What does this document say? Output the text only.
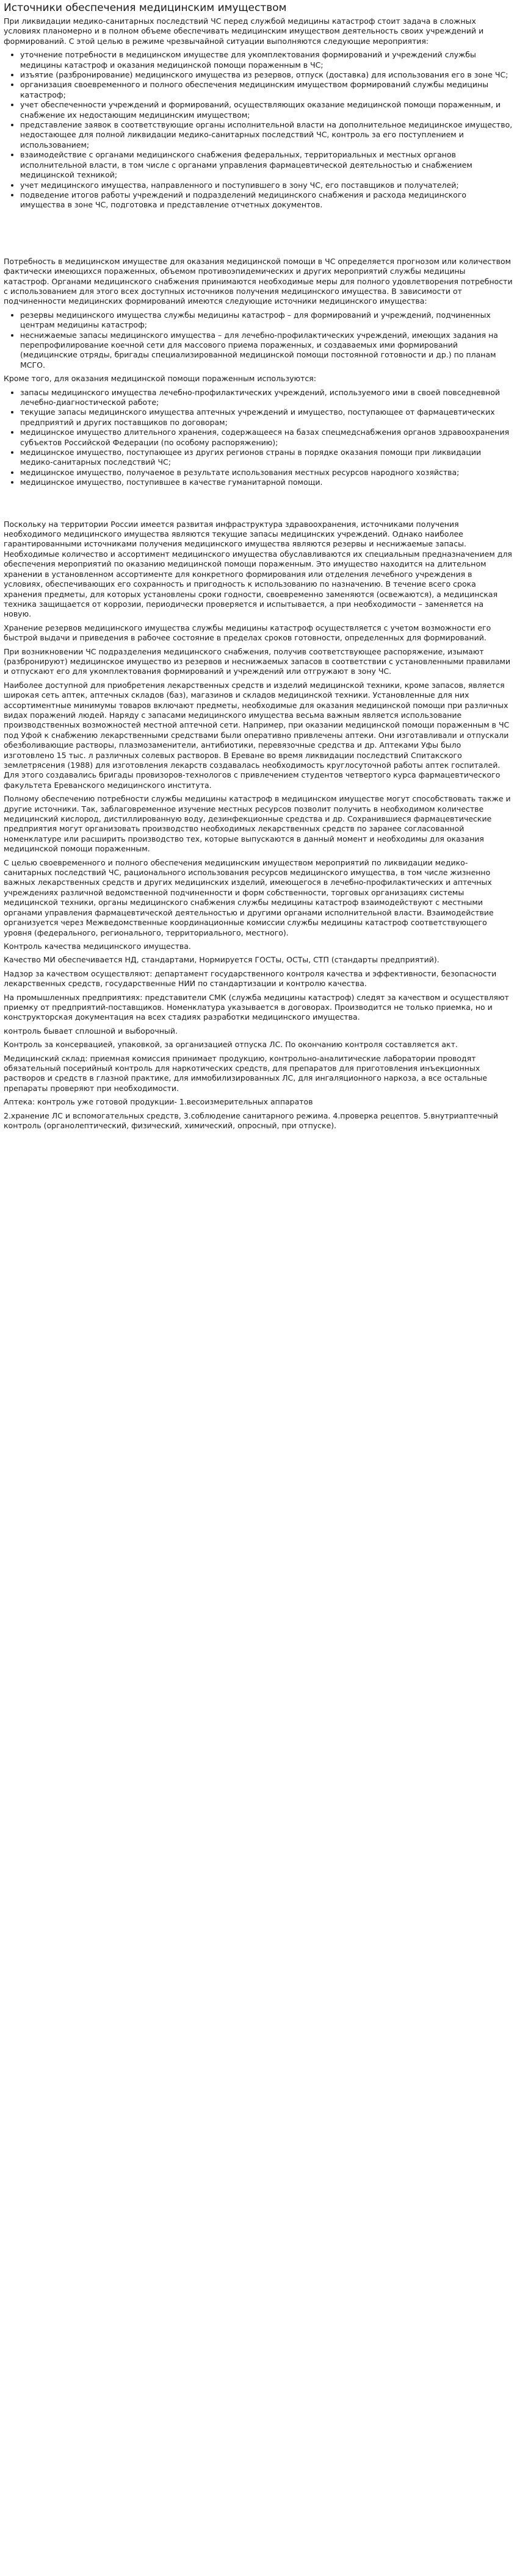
Источники обеспечения медицинским имуществом

При ликвидации медико-санитарных последствий ЧС перед службой медицины катастроф стоит задача в сложных условиях планомерно и в полном объеме обеспечивать медицинским имуществом деятельность своих учреждений и формирований. С этой целью в режиме чрезвычайной ситуации выполняются следующие мероприятия:

• уточнение потребности в медицинском имуществе для укомплектования формирований и учреждений службы медицины катастроф и оказания медицинской помощи пораженным в ЧС;
• изъятие (разбронирование) медицинского имущества из резервов, отпуск (доставка) для использования его в зоне ЧС;
• организация своевременного и полного обеспечения медицинским имуществом формирований службы медицины катастроф;
• учет обеспеченности учреждений и формирований, осуществляющих оказание медицинской помощи пораженным, и снабжение их недостающим медицинским имуществом;
• представление заявок в соответствующие органы исполнительной власти на дополнительное медицинское имущество, недостающее для полной ликвидации медико-санитарных последствий ЧС, контроль за его поступлением и использованием;
• взаимодействие с органами медицинского снабжения федеральных, территориальных и местных органов исполнительной власти, в том числе с органами управления фармацевтической деятельностью и снабжением медицинской техникой;
• учет медицинского имущества, направленного и поступившего в зону ЧС, его поставщиков и получателей;
• подведение итогов работы учреждений и подразделений медицинского снабжения и расхода медицинского имущества в зоне ЧС, подготовка и представление отчетных документов.

Потребность в медицинском имуществе для оказания медицинской помощи в ЧС определяется прогнозом или количеством фактически имеющихся пораженных, объемом противоэпидемических и других мероприятий службы медицины катастроф. Органами медицинского снабжения принимаются необходимые меры для полного удовлетворения потребности с использованием для этого всех доступных источников получения медицинского имущества. В зависимости от подчиненности медицинских формирований имеются следующие источники медицинского имущества:

• резервы медицинского имущества службы медицины катастроф – для формирований и учреждений, подчиненных центрам медицины катастроф;
• неснижаемые запасы медицинского имущества – для лечебно-профилактических учреждений, имеющих задания на перепрофилирование коечной сети для массового приема пораженных, и создаваемых ими формирований (медицинские отряды, бригады специализированной медицинской помощи постоянной готовности и др.) по планам МСГО.

Кроме того, для оказания медицинской помощи пораженным используются:

• запасы медицинского имущества лечебно-профилактических учреждений, используемого ими в своей повседневной лечебно-диагностической работе;
• текущие запасы медицинского имущества аптечных учреждений и имущество, поступающее от фармацевтических предприятий и других поставщиков по договорам;
• медицинское имущество длительного хранения, содержащееся на базах спецмедснабжения органов здравоохранения субъектов Российской Федерации (по особому распоряжению);
• медицинское имущество, поступающее из других регионов страны в порядке оказания помощи при ликвидации медико-санитарных последствий ЧС;
• медицинское имущество, получаемое в результате использования местных ресурсов народного хозяйства;
• медицинское имущество, поступившее в качестве гуманитарной помощи.

Поскольку на территории России имеется развитая инфраструктура здравоохранения, источниками получения необходимого медицинского имущества являются текущие запасы медицинских учреждений. Однако наиболее гарантированными источниками получения медицинского имущества являются резервы и неснижаемые запасы. Необходимые количество и ассортимент медицинского имущества обуславливаются их специальным предназначением для обеспечения мероприятий по оказанию медицинской помощи пораженным. Это имущество находится на длительном хранении в установленном ассортименте для конкретного формирования или отделения лечебного учреждения в условиях, обеспечивающих его сохранность и пригодность к использованию по назначению. В течение всего срока хранения предметы, для которых установлены сроки годности, своевременно заменяются (освежаются), а медицинская техника защищается от коррозии, периодически проверяется и испытывается, а при необходимости – заменяется на новую.

Хранение резервов медицинского имущества службы медицины катастроф осуществляется с учетом возможности его быстрой выдачи и приведения в рабочее состояние в пределах сроков готовности, определенных для формирований.

При возникновении ЧС подразделения медицинского снабжения, получив соответствующее распоряжение, изымают (разбронируют) медицинское имущество из резервов и неснижаемых запасов в соответствии с установленными правилами и отпускают его для укомплектования формирований и учреждений или отгружают в зону ЧС.

Наиболее доступной для приобретения лекарственных средств и изделий медицинской техники, кроме запасов, является широкая сеть аптек, аптечных складов (баз), магазинов и складов медицинской техники. Установленные для них ассортиментные минимумы товаров включают предметы, необходимые для оказания медицинской помощи при различных видах поражений людей. Наряду с запасами медицинского имущества весьма важным является использование производственных возможностей местной аптечной сети. Например, при оказании медицинской помощи пораженным в ЧС под Уфой к снабжению лекарственными средствами были оперативно привлечены аптеки. Они изготавливали и отпускали обезболивающие растворы, плазмозаменители, антибиотики, перевязочные средства и др. Аптеками Уфы было изготовлено 15 тыс. л различных солевых растворов. В Ереване во время ликвидации последствий Спитакского землетрясения (1988) для изготовления лекарств создавалась необходимость круглосуточной работы аптек госпиталей. Для этого создавались бригады провизоров-технологов с привлечением студентов четвертого курса фармацевтического факультета Ереванского медицинского института.

Полному обеспечению потребности службы медицины катастроф в медицинском имуществе могут способствовать также и другие источники. Так, заблаговременное изучение местных ресурсов позволит получить в необходимом количестве медицинский кислород, дистиллированную воду, дезинфекционные средства и др. Сохранившиеся фармацевтические предприятия могут организовать производство необходимых лекарственных средств по заранее согласованной номенклатуре или расширить производство тех, которые выпускаются в данный момент и необходимы для оказания медицинской помощи пораженным.

С целью своевременного и полного обеспечения медицинским имуществом мероприятий по ликвидации медико-санитарных последствий ЧС, рационального использования ресурсов медицинского имущества, в том числе жизненно важных лекарственных средств и других медицинских изделий, имеющегося в лечебно-профилактических и аптечных учреждениях различной ведомственной подчиненности и форм собственности, торговых организациях системы медицинской техники, органы медицинского снабжения службы медицины катастроф взаимодействуют с местными органами управления фармацевтической деятельностью и другими органами исполнительной власти. Взаимодействие организуется через Межведомственные координационные комиссии службы медицины катастроф соответствующего уровня (федерального, регионального, территориального, местного).

Контроль качества медицинского имущества.

Качество МИ обеспечивается НД, стандартами, Нормируется ГОСТы, ОСТы, СТП (стандарты предприятий).

Надзор за качеством осуществляют: департамент государственного контроля качества и эффективности, безопасности лекарственных средств, государственные НИИ по стандартизации и контролю качества.

На промышленных предприятиях: представители СМК (служба медицины катастроф) следят за качеством и осуществляют приемку от предприятий-поставщиков. Номенклатура указывается в договорах. Производится не только приемка, но и конструкторская документация на всех стадиях разработки медицинского имущества.

контроль бывает сплошной и выборочный.

Контроль за консервацией, упаковкой, за организацией отпуска ЛС. По окончанию контроля составляется акт.

Медицинский склад: приемная комиссия принимает продукцию, контрольно-аналитические лаборатории проводят обязательный посерийный контроль для наркотических средств, для препаратов для приготовления инъекционных растворов и средств в глазной практике, для иммобилизированных ЛС, для ингаляционного наркоза, а все остальные препараты проверяют при необходимости.

Аптека: контроль уже готовой продукции- 1.весоизмерительных аппаратов

2.хранение ЛС и вспомогательных средств, 3.соблюдение санитарного режима. 4.проверка рецептов. 5.внутриаптечный контроль (органолептический, физический, химический, опросный, при отпуске).
